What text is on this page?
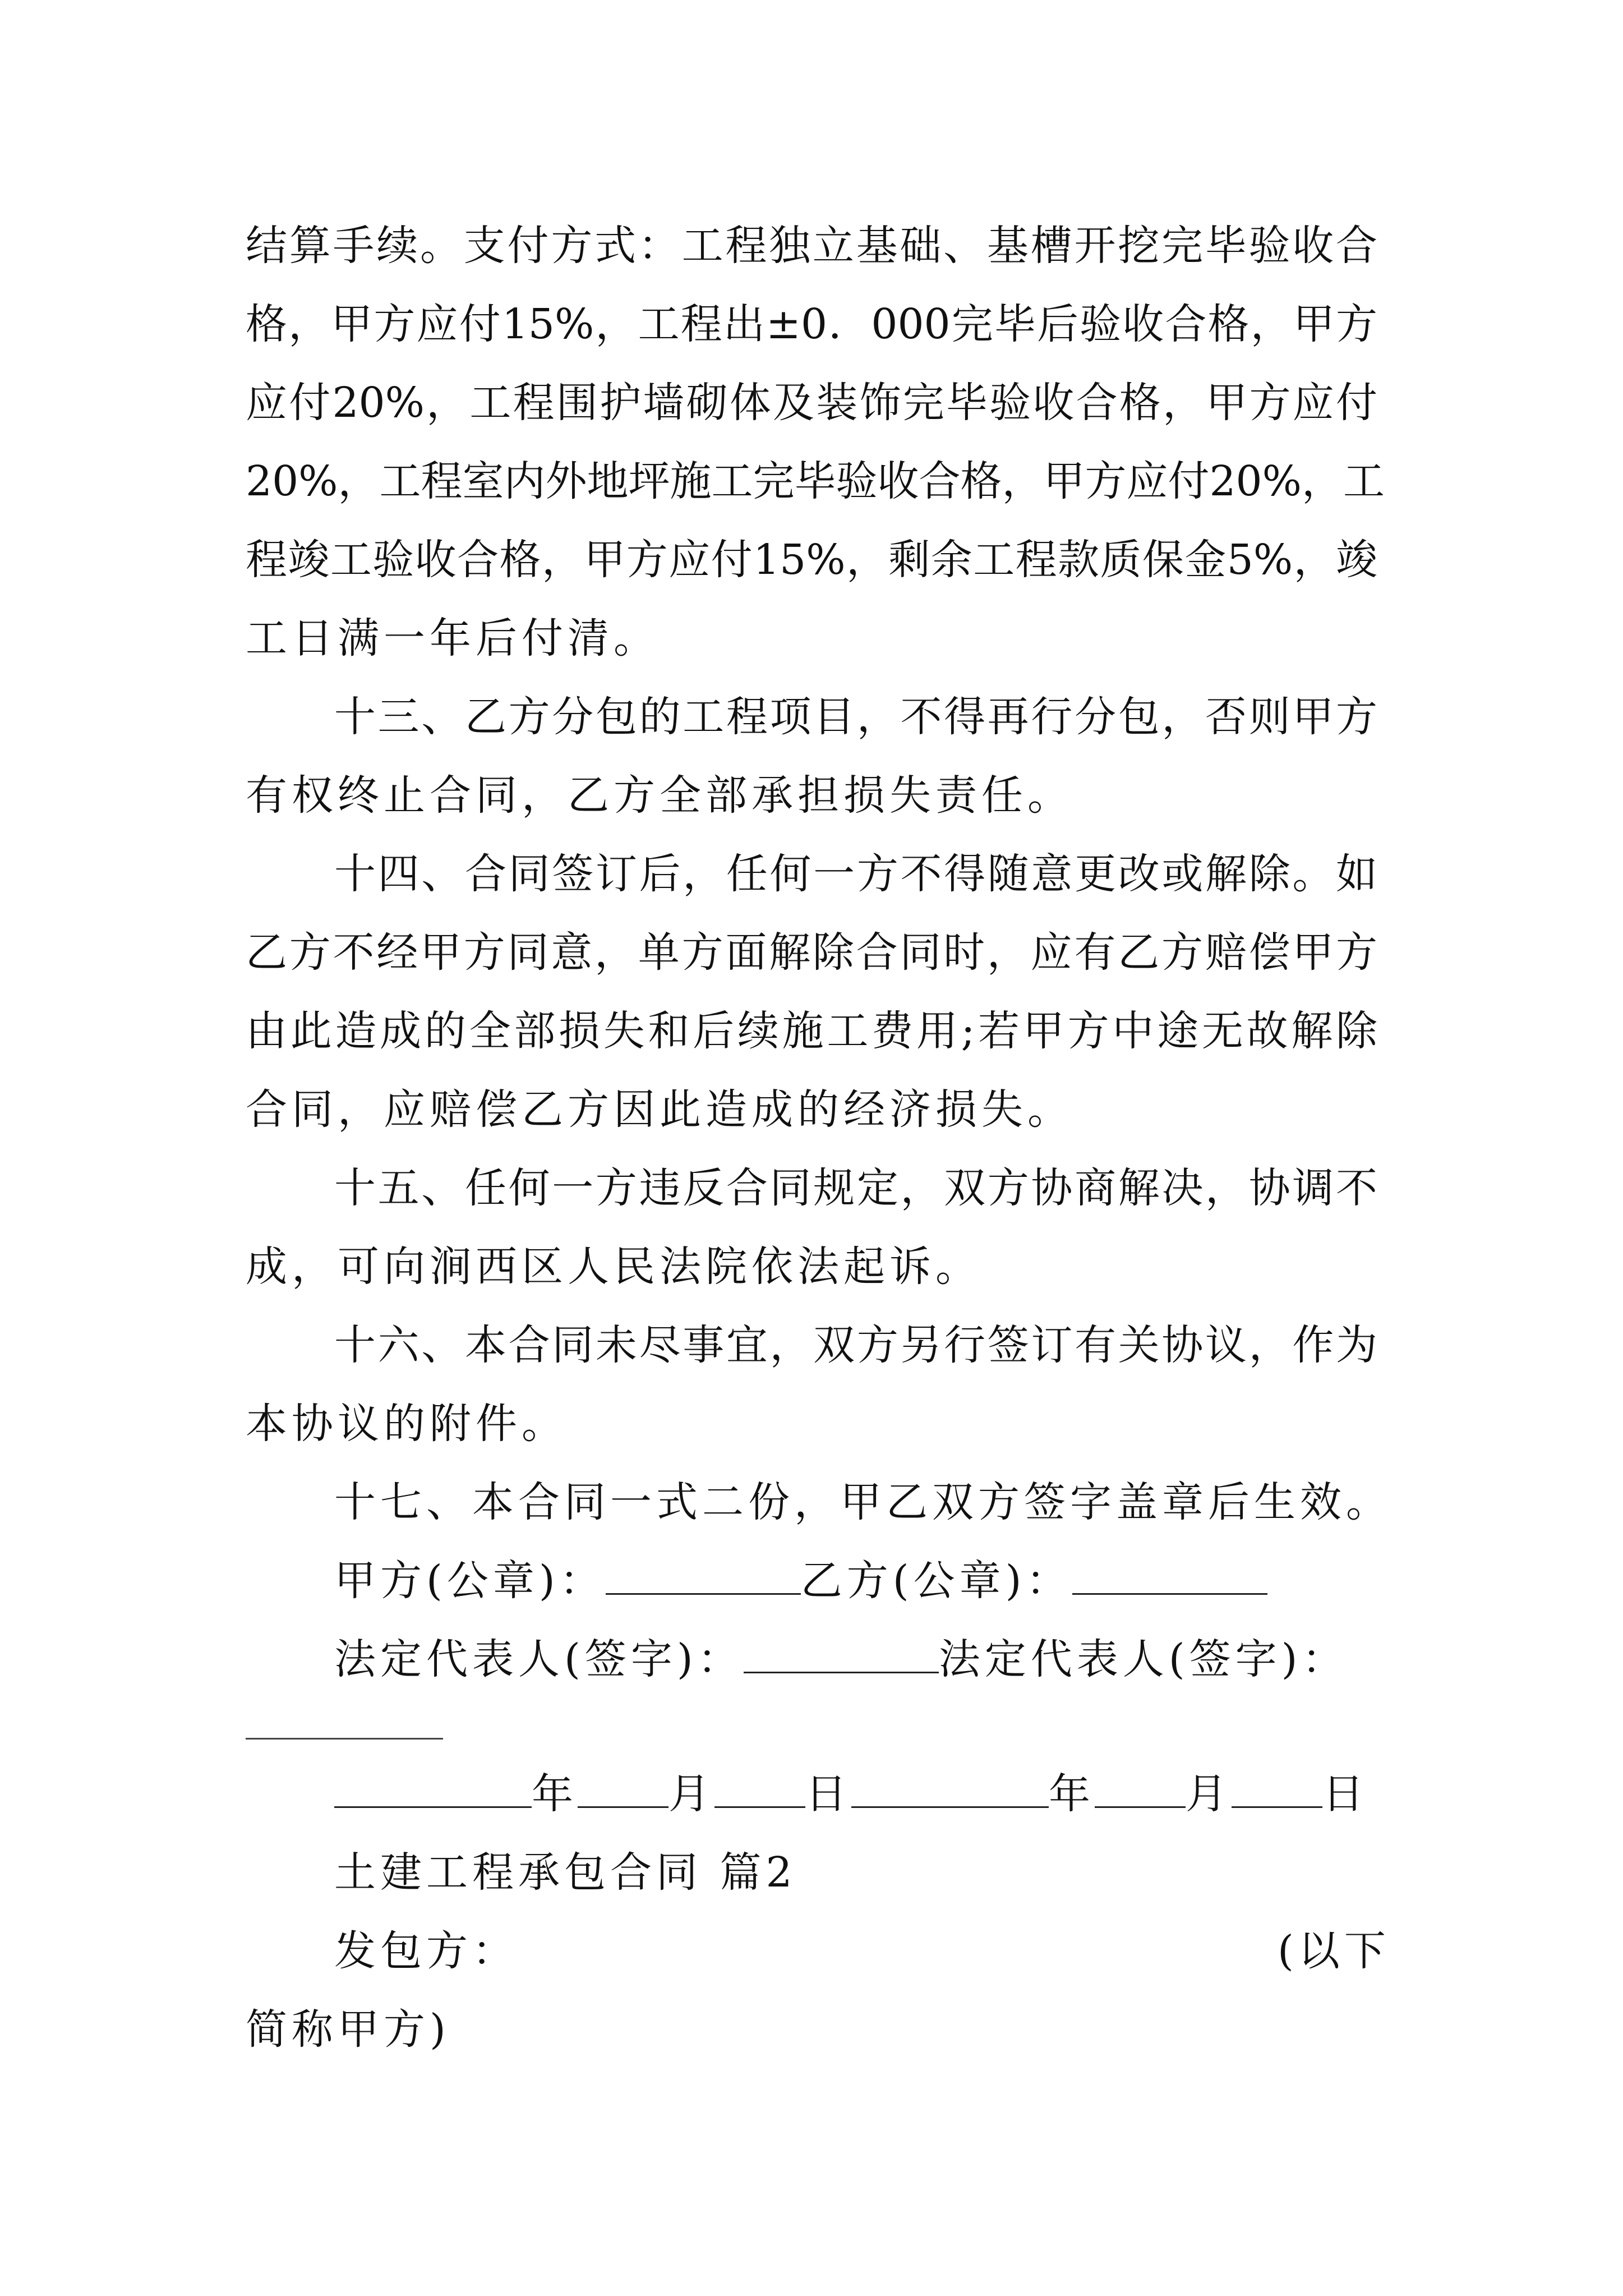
结算手续。支付方式：工程独立基础、基槽开挖完毕验收合
格，甲方应付15%，工程出±0．000完毕后验收合格，甲方
应付20%，工程围护墙砌体及装饰完毕验收合格，甲方应付
20%，工程室内外地坪施工完毕验收合格，甲方应付20%，工
程竣工验收合格，甲方应付15%，剩余工程款质保金5%，竣
工日满一年后付清。
十三、乙方分包的工程项目，不得再行分包，否则甲方
有权终止合同，乙方全部承担损失责任。
十四、合同签订后，任何一方不得随意更改或解除。如
乙方不经甲方同意，单方面解除合同时，应有乙方赔偿甲方
由此造成的全部损失和后续施工费用;若甲方中途无故解除
合同，应赔偿乙方因此造成的经济损失。
十五、任何一方违反合同规定，双方协商解决，协调不
成，可向涧西区人民法院依法起诉。
十六、本合同未尽事宜，双方另行签订有关协议，作为
本协议的附件。
十七、本合同一式二份，甲乙双方签字盖章后生效。
甲方(公章)：	乙方(公章)：
法定代表人(签字)：	法定代表人(签字)：
年 月 日	年 月 日
土建工程承包合同 篇2
发包方：	(以下
简称甲方)
